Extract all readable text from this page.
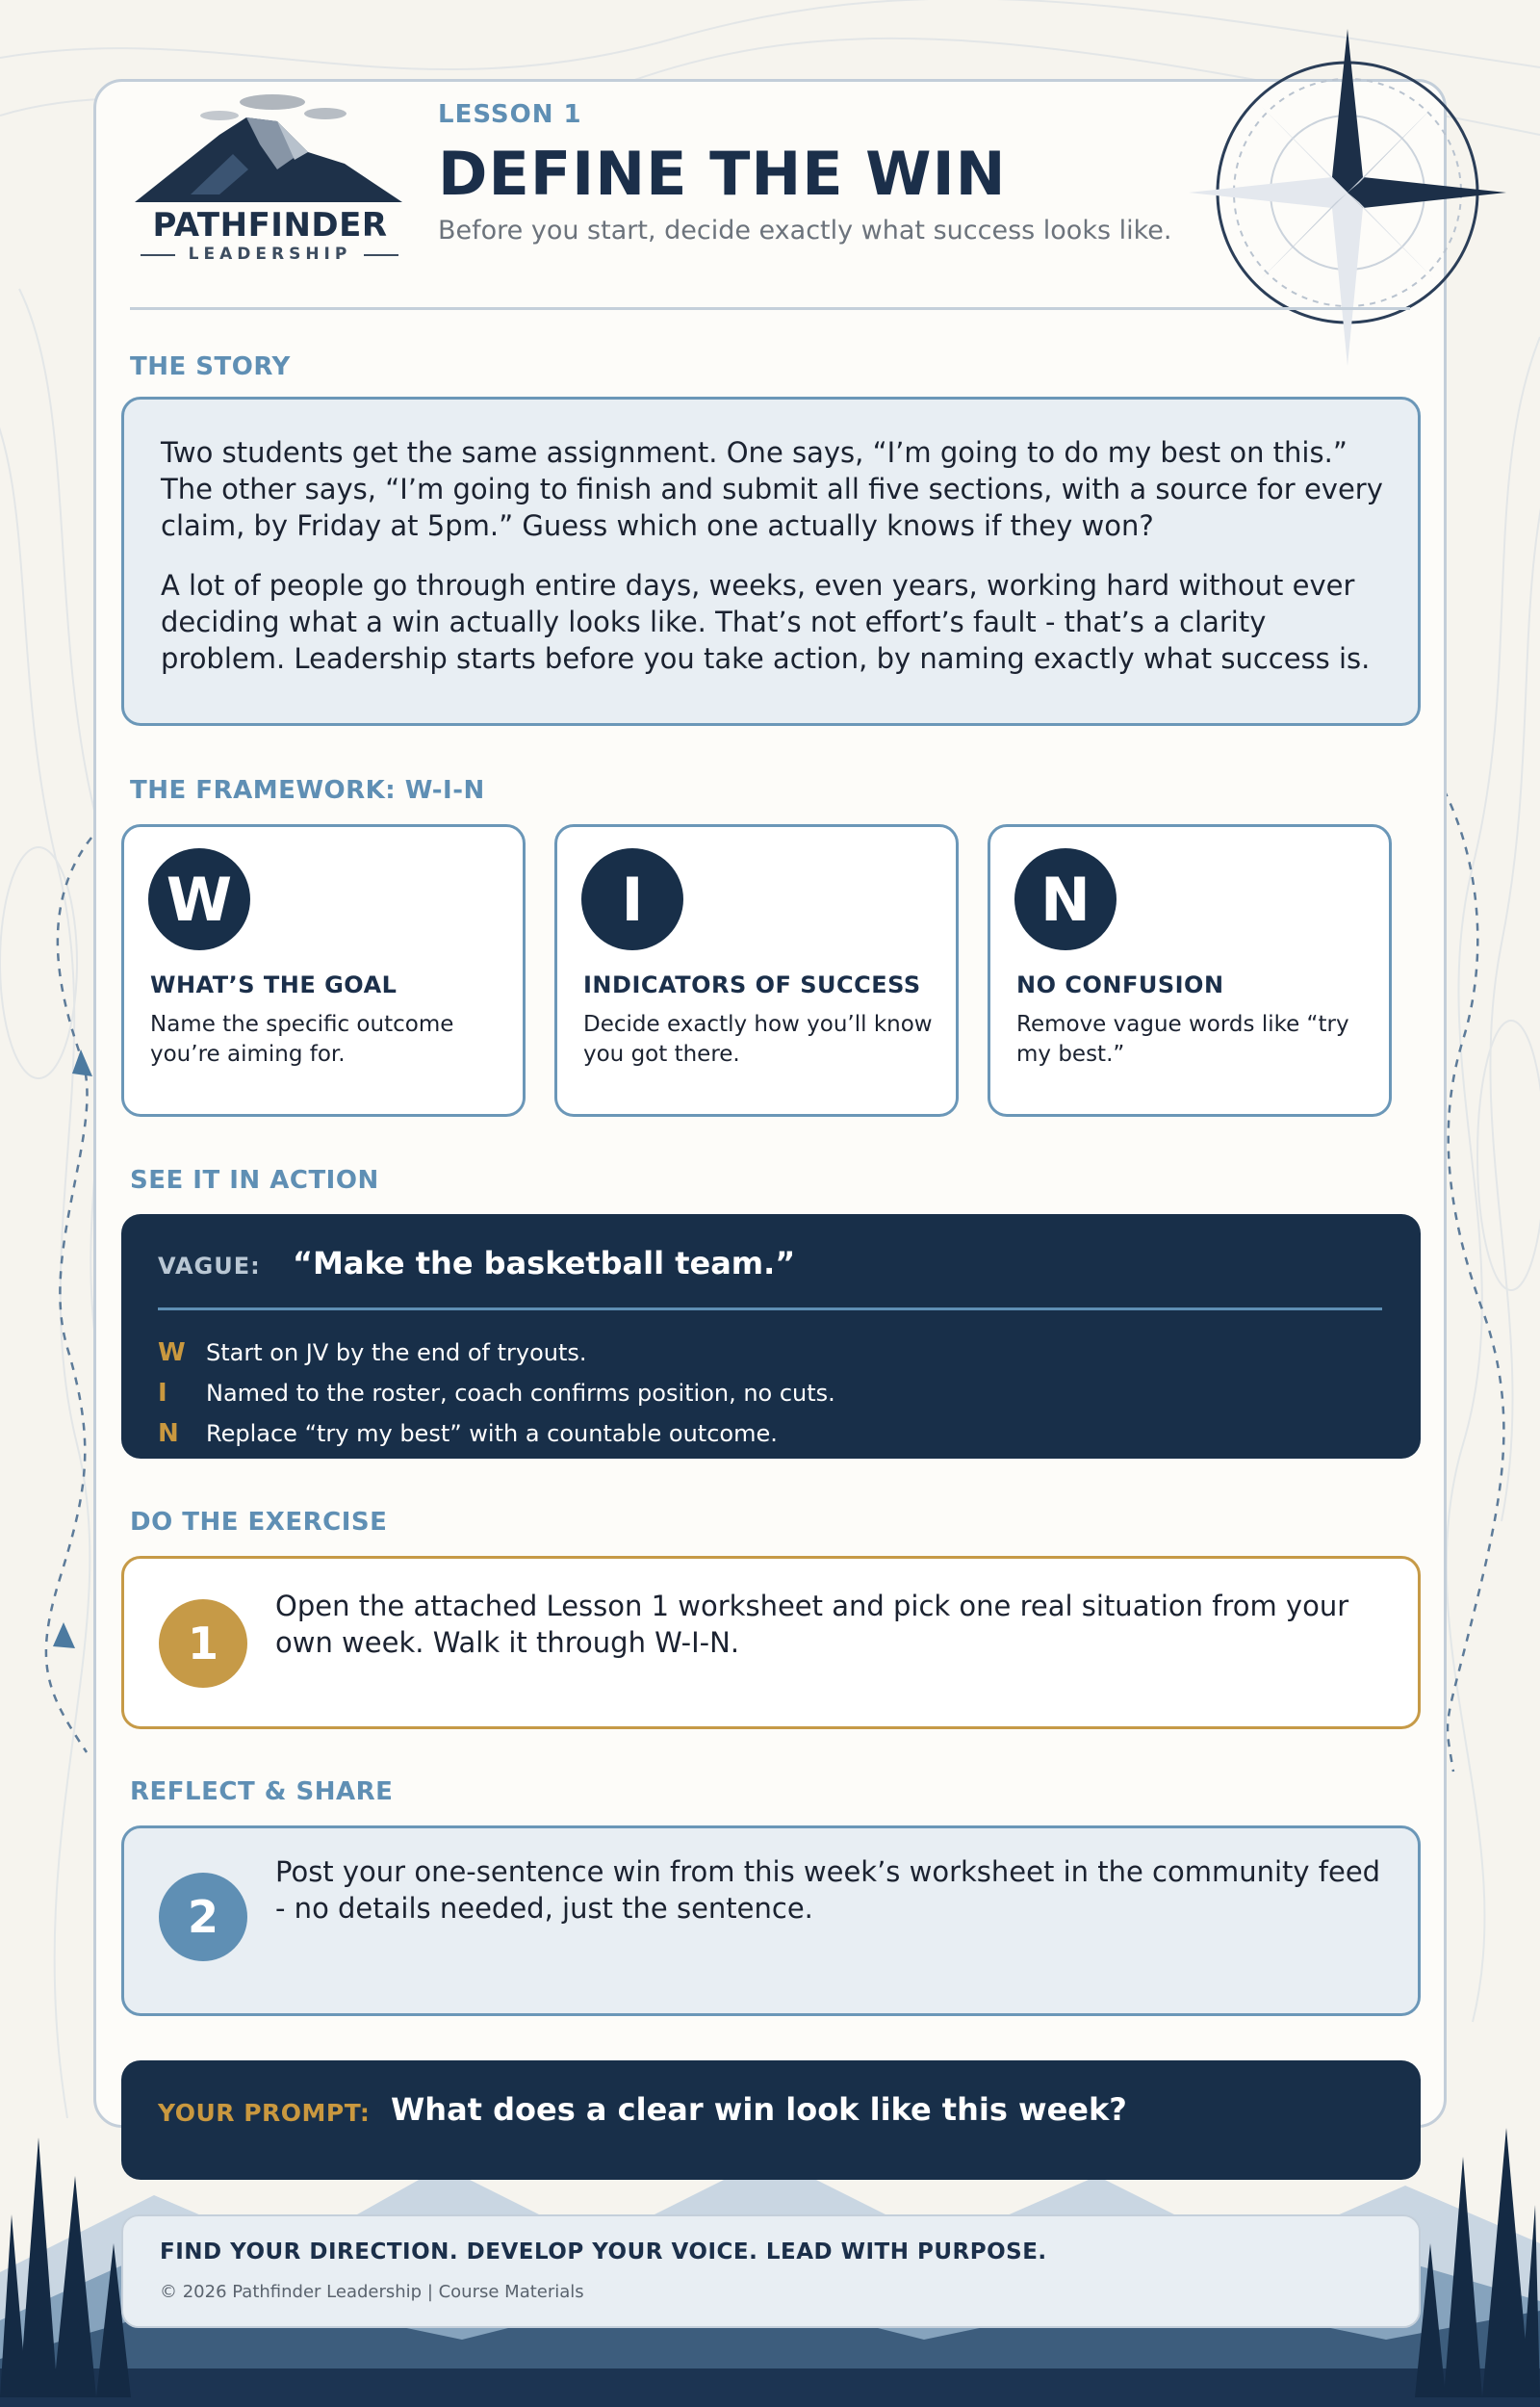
PATHFINDER
LEADERSHIP
LESSON 1
DEFINE THE WIN
Before you start, decide exactly what success looks like.
THE STORY

Two students get the same assignment. One says, “I’m going to do my best on this.” The other says, “I’m going to finish and submit all five sections, with a source for every claim, by Friday at 5pm.” Guess which one actually knows if they won?

A lot of people go through entire days, weeks, even years, working hard without ever deciding what a win actually looks like. That’s not effort’s fault - that’s a clarity problem. Leadership starts before you take action, by naming exactly what success is.

THE FRAMEWORK: W-I-N
W
WHAT’S THE GOAL
Name the specific outcome you’re aiming for.
I
INDICATORS OF SUCCESS
Decide exactly how you’ll know you got there.
N
NO CONFUSION
Remove vague words like “try my best.”
SEE IT IN ACTION
VAGUE: “Make the basketball team.”
W Start on JV by the end of tryouts.
I Named to the roster, coach confirms position, no cuts.
N Replace “try my best” with a countable outcome.
DO THE EXERCISE
1
Open the attached Lesson 1 worksheet and pick one real situation from your own week. Walk it through W-I-N.
REFLECT & SHARE
2
Post your one-sentence win from this week’s worksheet in the community feed - no details needed, just the sentence.
YOUR PROMPT: What does a clear win look like this week?
FIND YOUR DIRECTION. DEVELOP YOUR VOICE. LEAD WITH PURPOSE.
© 2026 Pathfinder Leadership | Course Materials
